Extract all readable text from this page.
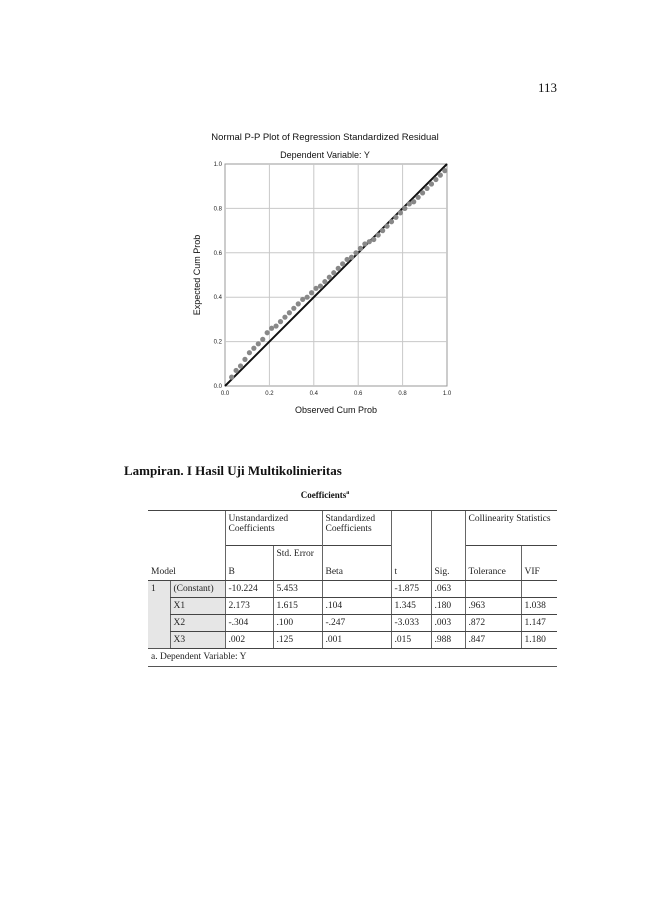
113
Normal P-P Plot of Regression Standardized Residual
Dependent Variable: Y
0.0	0.2	0.4	0.6	0.8	1.0
0.0
0.2
0.4
0.6
0.8
1.0
Observed Cum Prob
Expected Cum Prob
Lampiran. I Hasil Uji Multikolinieritas
Coefficients$^a$
		Unstandardized Coefficients		Standardized Coefficients			Collinearity Statistics	
Model		B	Std. Error	Beta	t	Sig.	Tolerance	VIF
1	(Constant)	-10.224	5.453		-1.875	.063		
	X1	2.173	1.615	.104	1.345	.180	.963	1.038
	X2	-.304	.100	-.247	-3.033	.003	.872	1.147
	X3	.002	.125	.001	.015	.988	.847	1.180
a. Dependent Variable: Y								
